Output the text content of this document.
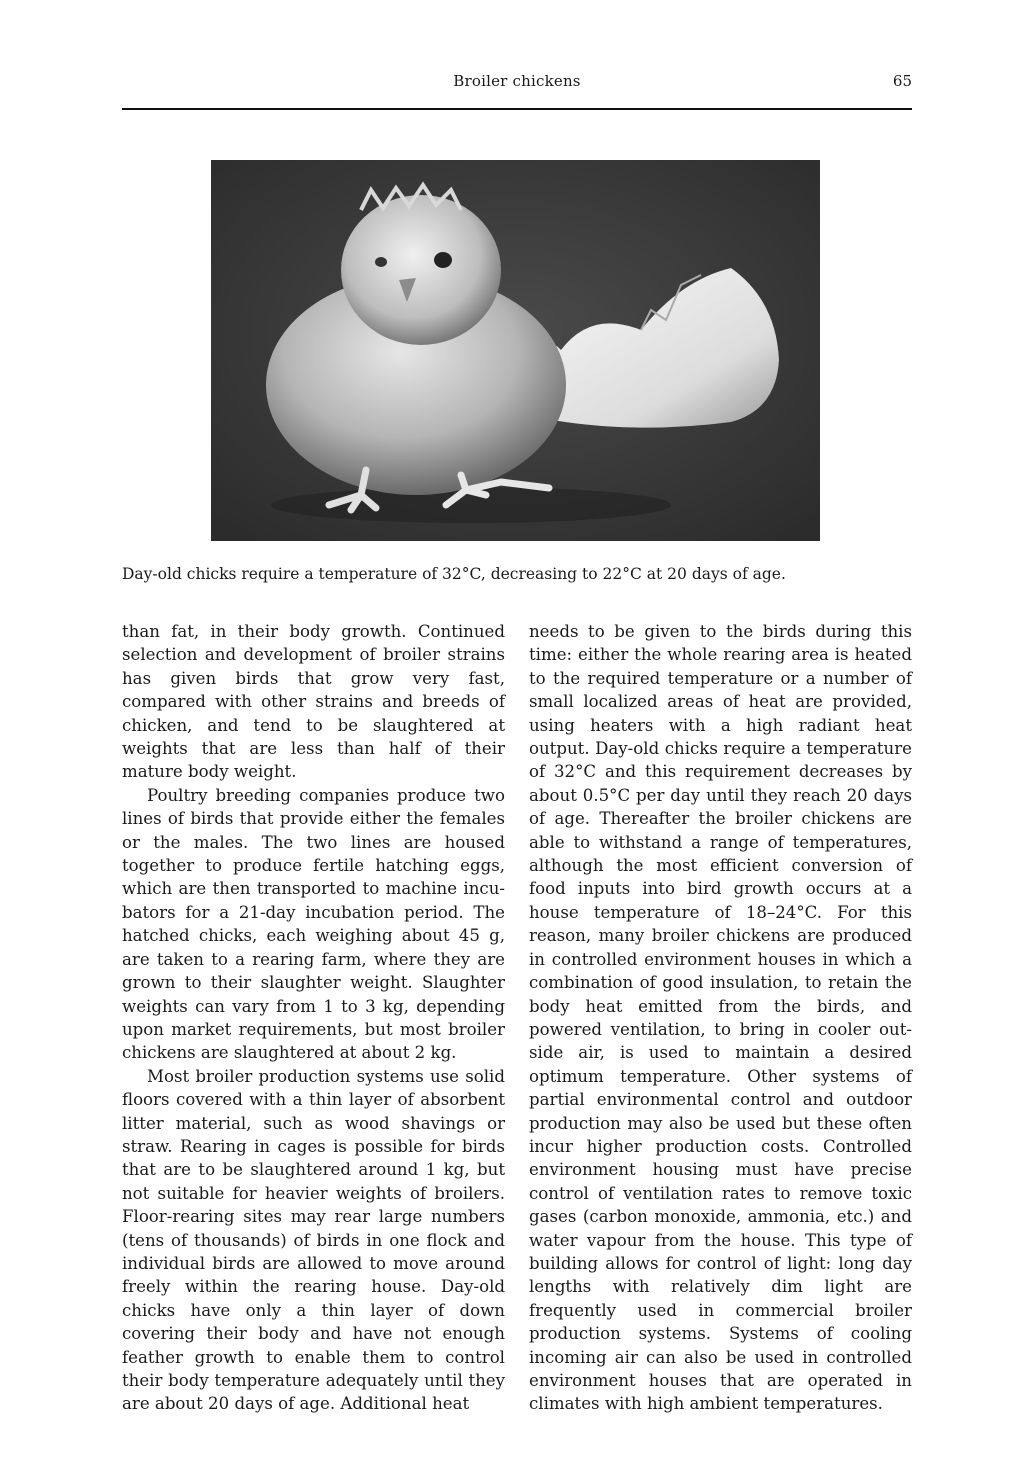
Broiler chickens	65
Day-old chicks require a temperature of 32°C, decreasing to 22°C at 20 days of age.

than fat, in their body growth. Continued selection and development of broiler strains has given birds that grow very fast, compared with other strains and breeds of chicken, and tend to be slaughtered at weights that are less than half of their mature body weight.

Poultry breeding companies produce two lines of birds that provide either the females or the males. The two lines are housed together to produce fertile hatching eggs, which are then transported to machine incubators for a 21-day incubation period. The hatched chicks, each weighing about 45 g, are taken to a rearing farm, where they are grown to their slaughter weight. Slaughter weights can vary from 1 to 3 kg, depending upon market requirements, but most broiler chickens are slaughtered at about 2 kg.

Most broiler production systems use solid floors covered with a thin layer of absorbent litter material, such as wood shavings or straw. Rearing in cages is possible for birds that are to be slaughtered around 1 kg, but not suitable for heavier weights of broilers. Floor-rearing sites may rear large numbers (tens of thousands) of birds in one flock and individual birds are allowed to move around freely within the rearing house. Day-old chicks have only a thin layer of down covering their body and have not enough feather growth to enable them to control their body temperature adequately until they are about 20 days of age. Additional heat

needs to be given to the birds during this time: either the whole rearing area is heated to the required temperature or a number of small localized areas of heat are provided, using heaters with a high radiant heat output. Day-old chicks require a temperature of 32°C and this requirement decreases by about 0.5°C per day until they reach 20 days of age. Thereafter the broiler chickens are able to withstand a range of temperatures, although the most efficient conversion of food inputs into bird growth occurs at a house temperature of 18–24°C. For this reason, many broiler chickens are produced in controlled environment houses in which a combination of good insulation, to retain the body heat emitted from the birds, and powered ventilation, to bring in cooler outside air, is used to maintain a desired optimum temperature. Other systems of partial environmental control and outdoor production may also be used but these often incur higher production costs. Controlled environment housing must have precise control of ventilation rates to remove toxic gases (carbon monoxide, ammonia, etc.) and water vapour from the house. This type of building allows for control of light: long day lengths with relatively dim light are frequently used in commercial broiler production systems. Systems of cooling incoming air can also be used in controlled environment houses that are operated in climates with high ambient temperatures.
